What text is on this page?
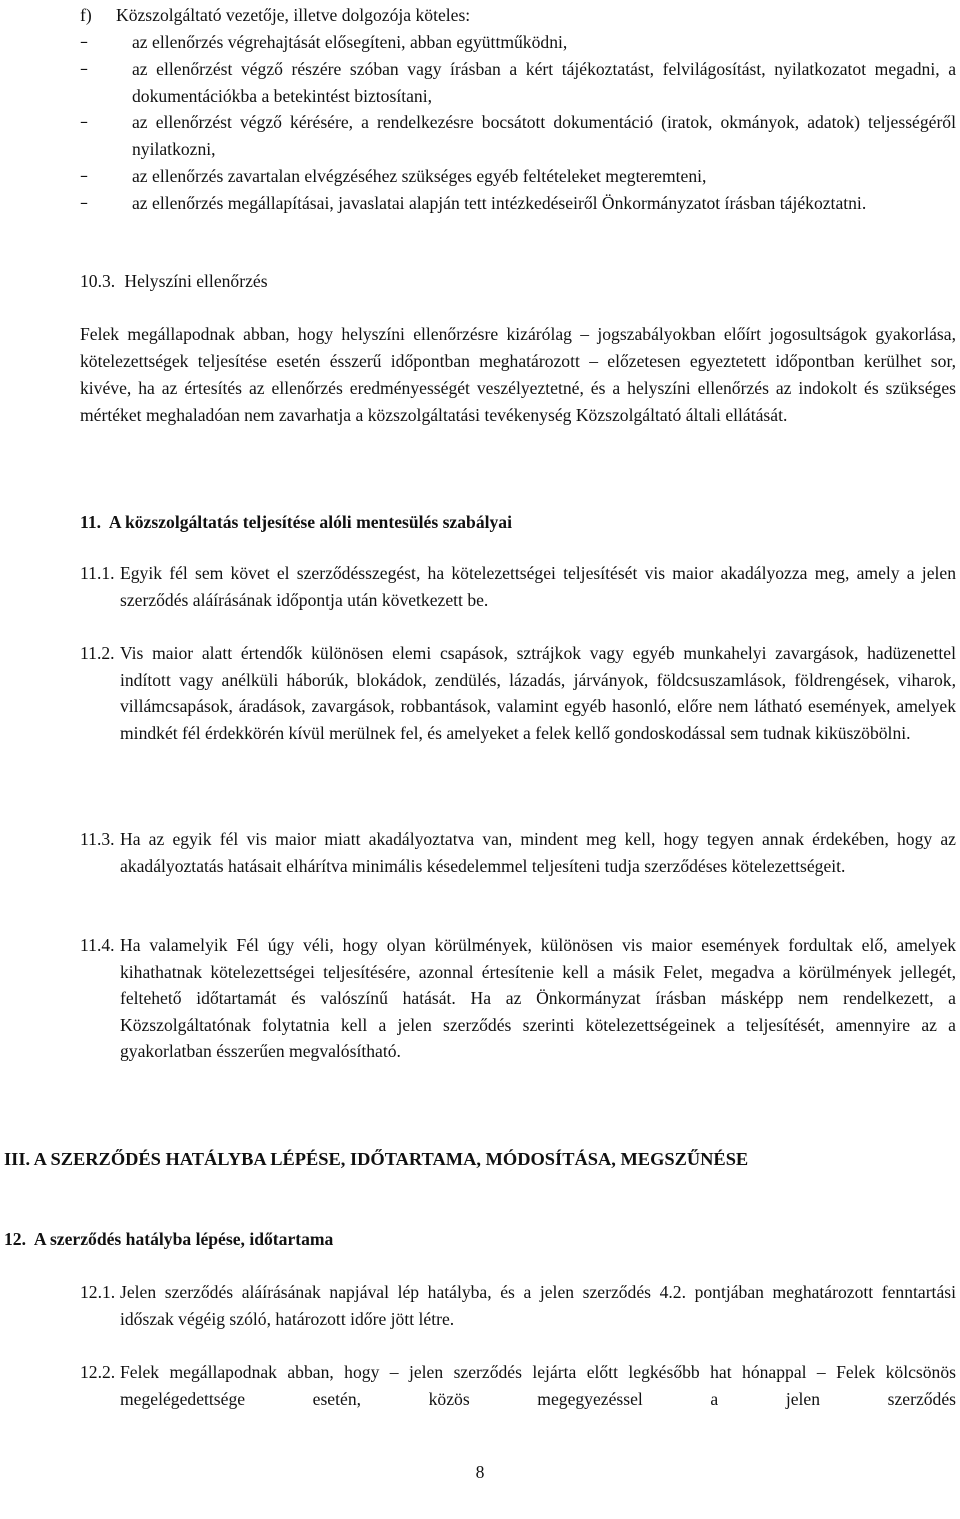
f)	Közszolgáltató vezetője, illetve dolgozója köteles:
–	az ellenőrzés végrehajtását elősegíteni, abban együttműködni,

–	az ellenőrzést végző részére szóban vagy írásban a kért tájékoztatást, felvilágosítást, nyilatkozatot megadni, a dokumentációkba a betekintést biztosítani,

–	az ellenőrzést végző kérésére, a rendelkezésre bocsátott dokumentáció (iratok, okmányok, adatok) teljességéről nyilatkozni,

–	az ellenőrzés zavartalan elvégzéséhez szükséges egyéb feltételeket megteremteni,

–	az ellenőrzés megállapításai, javaslatai alapján tett intézkedéseiről Önkormányzatot írásban tájékoztatni.

10.3. Helyszíni ellenőrzés

Felek megállapodnak abban, hogy helyszíni ellenőrzésre kizárólag – jogszabályokban előírt jogosultságok gyakorlása, kötelezettségek teljesítése esetén ésszerű időpontban meghatározott – előzetesen egyeztetett időpontban kerülhet sor, kivéve, ha az értesítés az ellenőrzés eredményességét veszélyeztetné, és a helyszíni ellenőrzés az indokolt és szükséges mértéket meghaladóan nem zavarhatja a közszolgáltatási tevékenység Közszolgáltató általi ellátását.

11.  A közszolgáltatás teljesítése alóli mentesülés szabályai
11.1. Egyik fél sem követ el szerződésszegést, ha kötelezettségei teljesítését vis maior akadályozza meg, amely a jelen szerződés aláírásának időpontja után következett be.

11.2. Vis maior alatt értendők különösen elemi csapások, sztrájkok vagy egyéb munkahelyi zavargások, hadüzenettel indított vagy anélküli háborúk, blokádok, zendülés, lázadás, járványok, földcsuszamlások, földrengések, viharok, villámcsapások, áradások, zavargások, robbantások, valamint egyéb hasonló, előre nem látható események, amelyek mindkét fél érdekkörén kívül merülnek fel, és amelyeket a felek kellő gondoskodással sem tudnak kiküszöbölni.

11.3. Ha az egyik fél vis maior miatt akadályoztatva van, mindent meg kell, hogy tegyen annak érdekében, hogy az akadályoztatás hatásait elhárítva minimális késedelemmel teljesíteni tudja szerződéses kötelezettségeit.

11.4. Ha valamelyik Fél úgy véli, hogy olyan körülmények, különösen vis maior események fordultak elő, amelyek kihathatnak kötelezettségei teljesítésére, azonnal értesítenie kell a másik Felet, megadva a körülmények jellegét, feltehető időtartamát és valószínű hatását. Ha az Önkormányzat írásban másképp nem rendelkezett, a Közszolgáltatónak folytatnia kell a jelen szerződés szerinti kötelezettségeinek a teljesítését, amennyire az a gyakorlatban ésszerűen megvalósítható.

III. A SZERZŐDÉS HATÁLYBA LÉPÉSE, IDŐTARTAMA, MÓDOSÍTÁSA, MEGSZŰNÉSE
12.  A szerződés hatályba lépése, időtartama
12.1. Jelen szerződés aláírásának napjával lép hatályba, és a jelen szerződés 4.2. pontjában meghatározott fenntartási időszak végéig szóló, határozott időre jött létre.

12.2. Felek megállapodnak abban, hogy – jelen szerződés lejárta előtt legkésőbb hat hónappal – Felek kölcsönös megelégedettsége esetén, közös megegyezéssel a jelen szerződés

8
